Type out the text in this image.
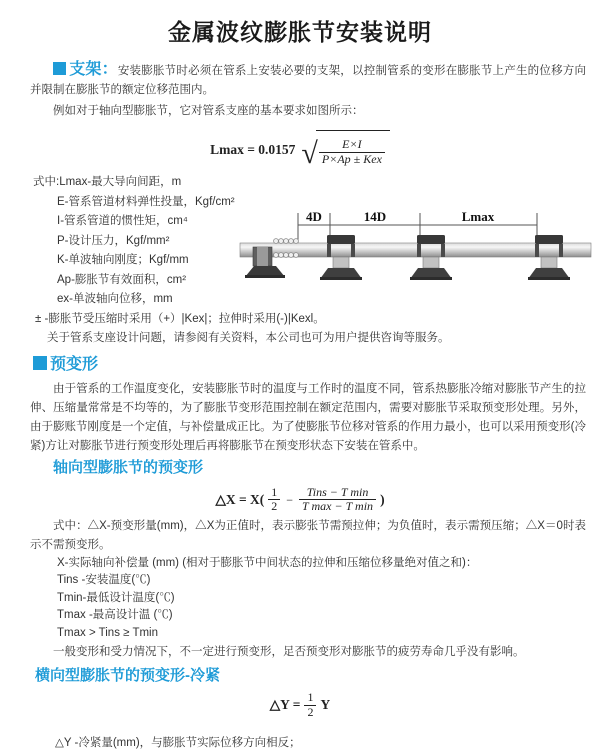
金属波纹膨胀节安装说明

支架：安装膨胀节时必须在管系上安装必要的支架，以控制管系的变形在膨胀节上产生的位移方向并限制在膨胀节的额定位移范围内。

例如对于轴向型膨胀节，它对管系支座的基本要求如图所示：

Lmax = 0.0157 √ $\frac{E\times I}{\text{P×Ap ± Kex}}$
式中:Lmax-最大导向间距，m
E-管系管道材料弹性投量，Kgf/cm²
I-管系管道的惯性矩，cm⁴
P-设计压力，Kgf/mm²
K-单波轴向刚度；Kgf/mm
Ap-膨胀节有效面积，cm²
ex-单波轴向位移，mm
± -膨胀节受压缩时采用（+）|Kex|；拉伸时采用(-)|Kexl。
关于管系支座设计问题，请参阅有关资料，本公司也可为用户提供咨询等服务。
4D	14D	Lmax
预变形

由于管系的工作温度变化，安装膨胀节时的温度与工作时的温度不同，管系热膨胀冷缩对膨胀节产生的拉伸、压缩量常常是不均等的，为了膨胀节变形范围控制在额定范围内，需要对膨胀节采取预变形处理。另外，由于膨账节刚度是一个定值，与补偿量成正比。为了使膨胀节位移对管系的作用力最小，也可以采用预变形(冷紧)方让对膨胀节进行预变形处理后再将膨胀节在预变形状态下安装在管系中。

轴向型膨胀节的预变形
△X = $X( \frac{1}{2} - \frac{\text{Tins − T min}}{\text{T max − T min}}$ )

式中：△X-预变形量(mm)，△X为正值时，表示膨张节需预拉伸；为负值时，表示需预压缩；△X＝0时表示不需预变形。

X-实际轴向补偿量 (mm) (相对于膨胀节中间状态的拉伸和压缩位移量绝对值之和)：
Tins -安装温度(℃)
Tmin-最低设计温度(℃)
Tmax -最高设计温 (℃)
Tmax > Tins ≥ Tmin

一般变形和受力情况下，不一定进行预变形，足否预变形对膨胀节的疲劳寿命几乎没有影响。

横向型膨胀节的预变形-冷紧
△Y = $\frac{1}{2}$ Y
△Y -冷紧量(mm)，与膨胀节实际位移方向相反；
